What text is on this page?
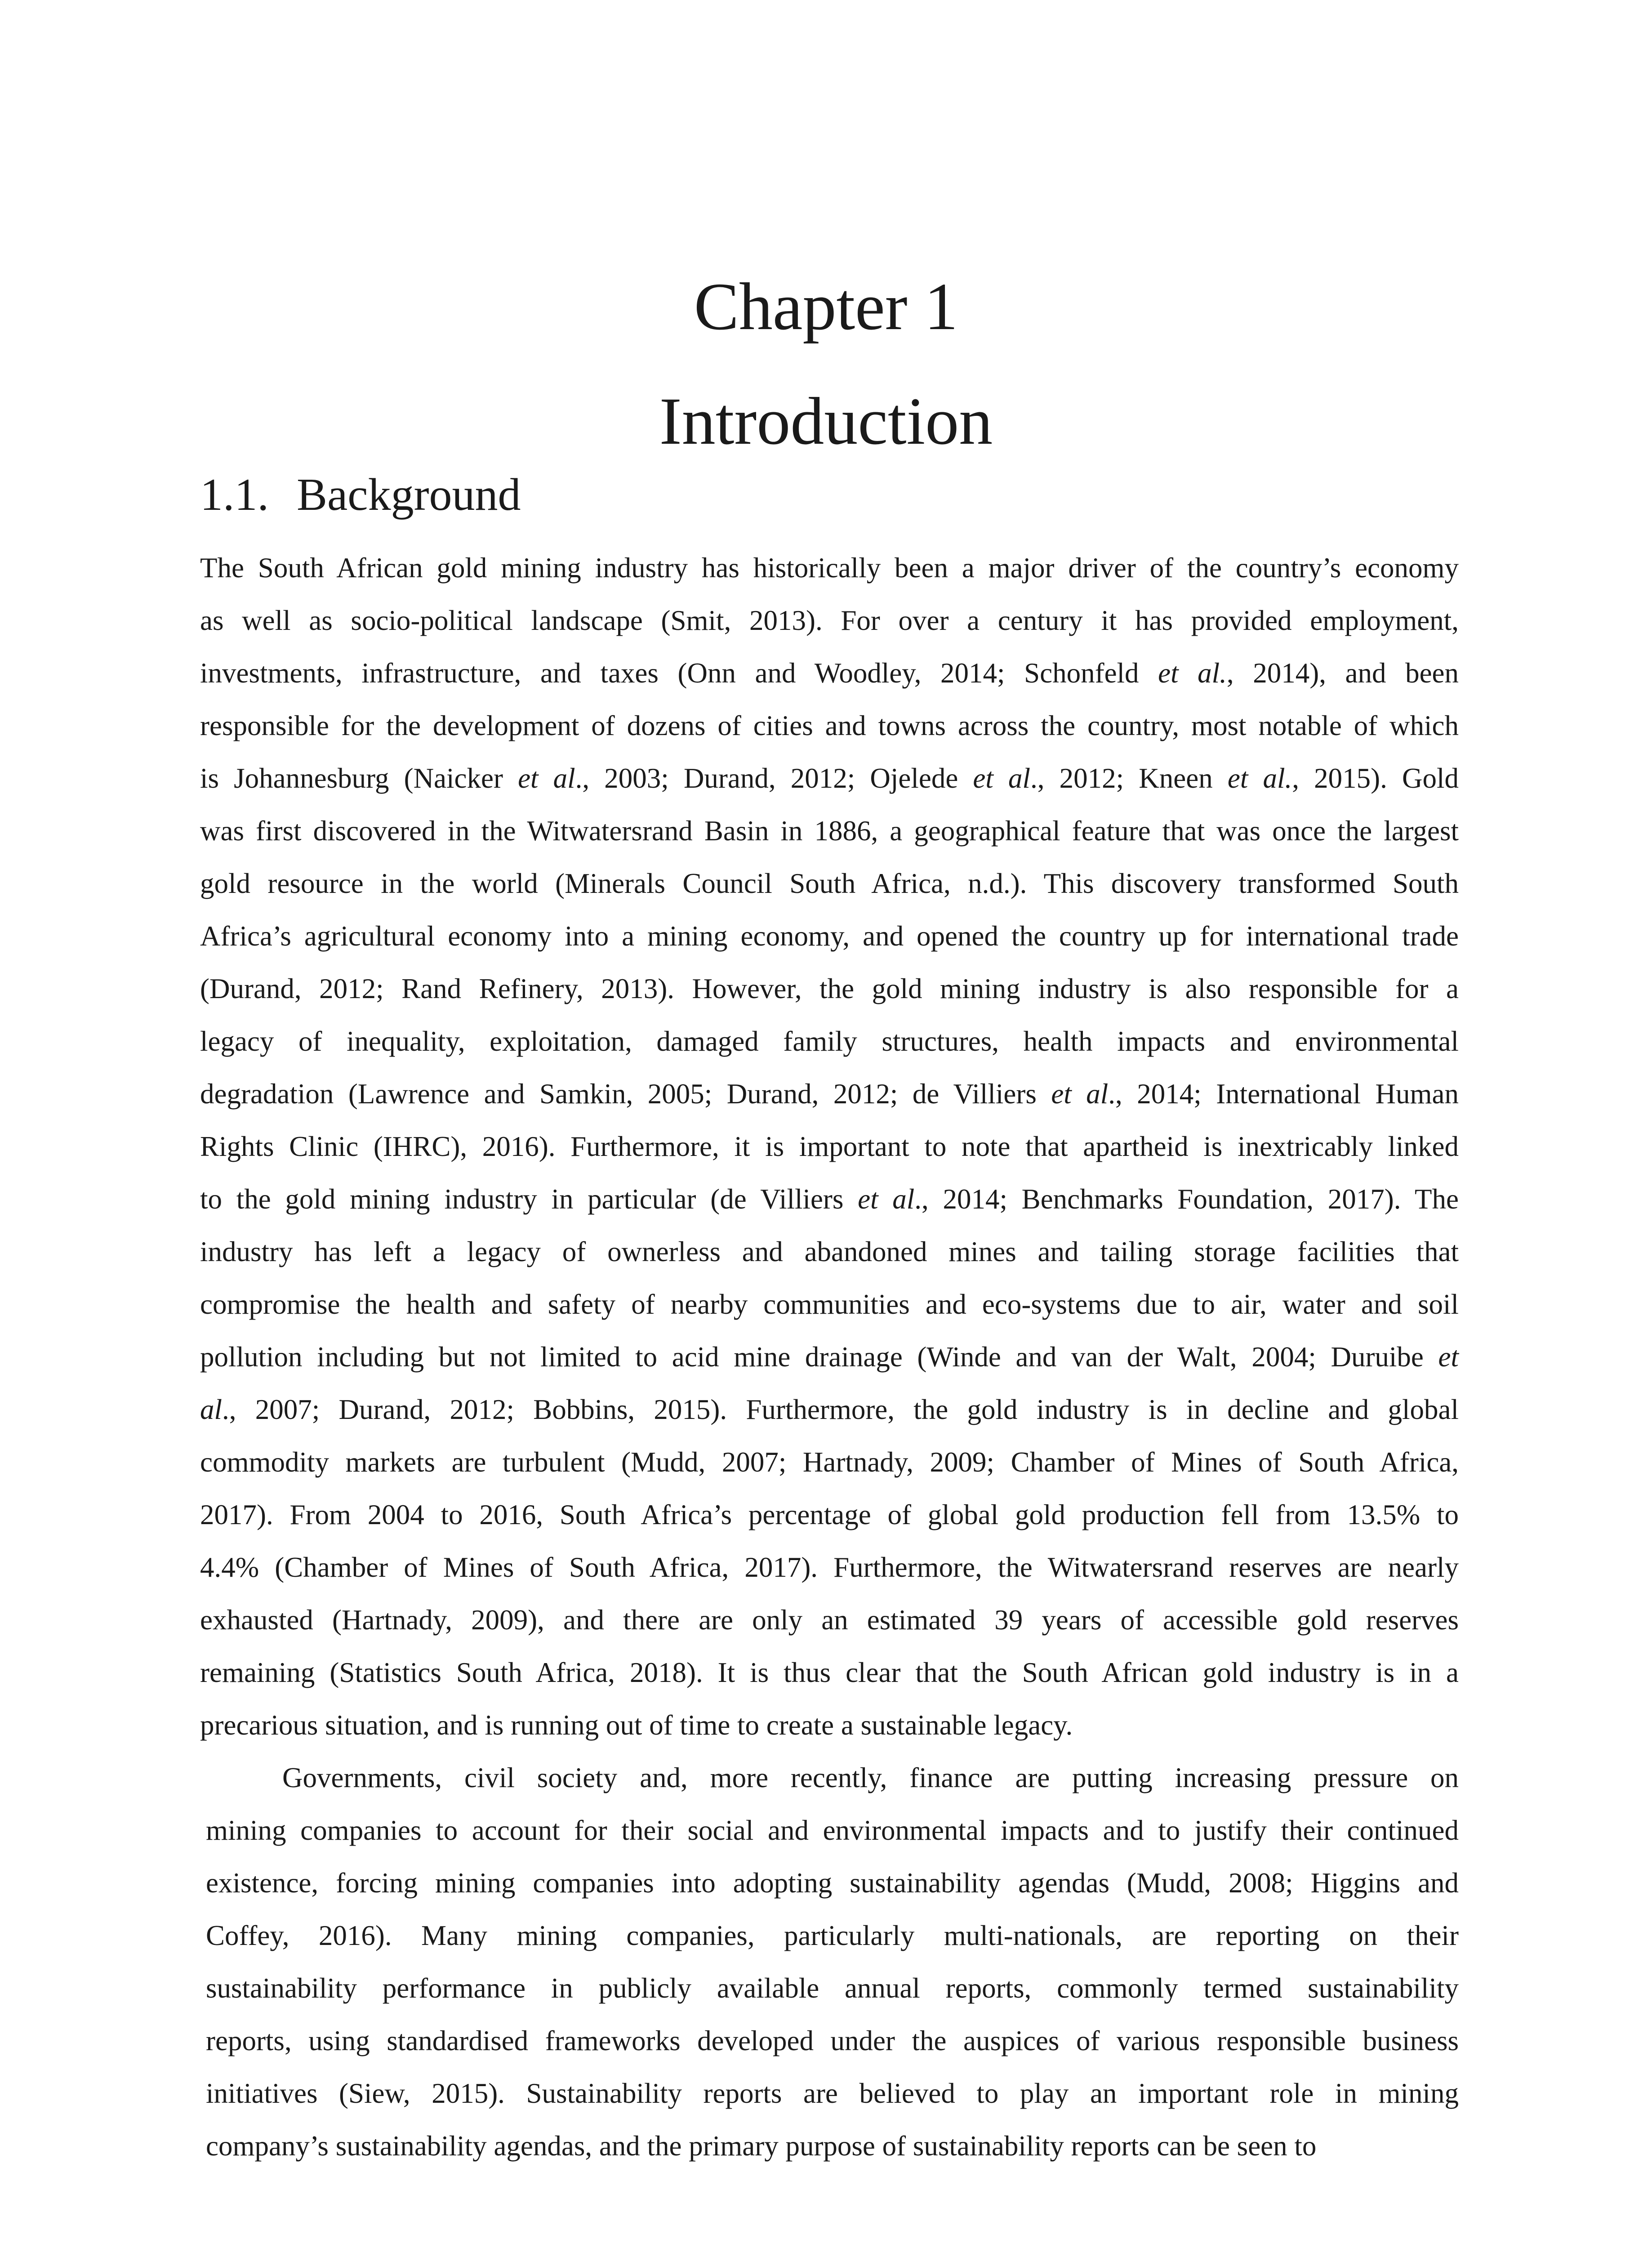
Chapter 1
Introduction
1.1. Background
The South African gold mining industry has historically been a major driver of the country’s economy
as well as socio-political landscape (Smit, 2013). For over a century it has provided employment,
investments, infrastructure, and taxes (Onn and Woodley, 2014; Schonfeld et al., 2014), and been
responsible for the development of dozens of cities and towns across the country, most notable of which
is Johannesburg (Naicker et al., 2003; Durand, 2012; Ojelede et al., 2012; Kneen et al., 2015). Gold
was first discovered in the Witwatersrand Basin in 1886, a geographical feature that was once the largest
gold resource in the world (Minerals Council South Africa, n.d.). This discovery transformed South
Africa’s agricultural economy into a mining economy, and opened the country up for international trade
(Durand, 2012; Rand Refinery, 2013). However, the gold mining industry is also responsible for a
legacy of inequality, exploitation, damaged family structures, health impacts and environmental
degradation (Lawrence and Samkin, 2005; Durand, 2012; de Villiers et al., 2014; International Human
Rights Clinic (IHRC), 2016). Furthermore, it is important to note that apartheid is inextricably linked
to the gold mining industry in particular (de Villiers et al., 2014; Benchmarks Foundation, 2017). The
industry has left a legacy of ownerless and abandoned mines and tailing storage facilities that
compromise the health and safety of nearby communities and eco-systems due to air, water and soil
pollution including but not limited to acid mine drainage (Winde and van der Walt, 2004; Duruibe et
al., 2007; Durand, 2012; Bobbins, 2015). Furthermore, the gold industry is in decline and global
commodity markets are turbulent (Mudd, 2007; Hartnady, 2009; Chamber of Mines of South Africa,
2017). From 2004 to 2016, South Africa’s percentage of global gold production fell from 13.5% to
4.4% (Chamber of Mines of South Africa, 2017). Furthermore, the Witwatersrand reserves are nearly
exhausted (Hartnady, 2009), and there are only an estimated 39 years of accessible gold reserves
remaining (Statistics South Africa, 2018). It is thus clear that the South African gold industry is in a
precarious situation, and is running out of time to create a sustainable legacy.
Governments, civil society and, more recently, finance are putting increasing pressure on
mining companies to account for their social and environmental impacts and to justify their continued
existence, forcing mining companies into adopting sustainability agendas (Mudd, 2008; Higgins and
Coffey, 2016). Many mining companies, particularly multi-nationals, are reporting on their
sustainability performance in publicly available annual reports, commonly termed sustainability
reports, using standardised frameworks developed under the auspices of various responsible business
initiatives (Siew, 2015). Sustainability reports are believed to play an important role in mining
company’s sustainability agendas, and the primary purpose of sustainability reports can be seen to
